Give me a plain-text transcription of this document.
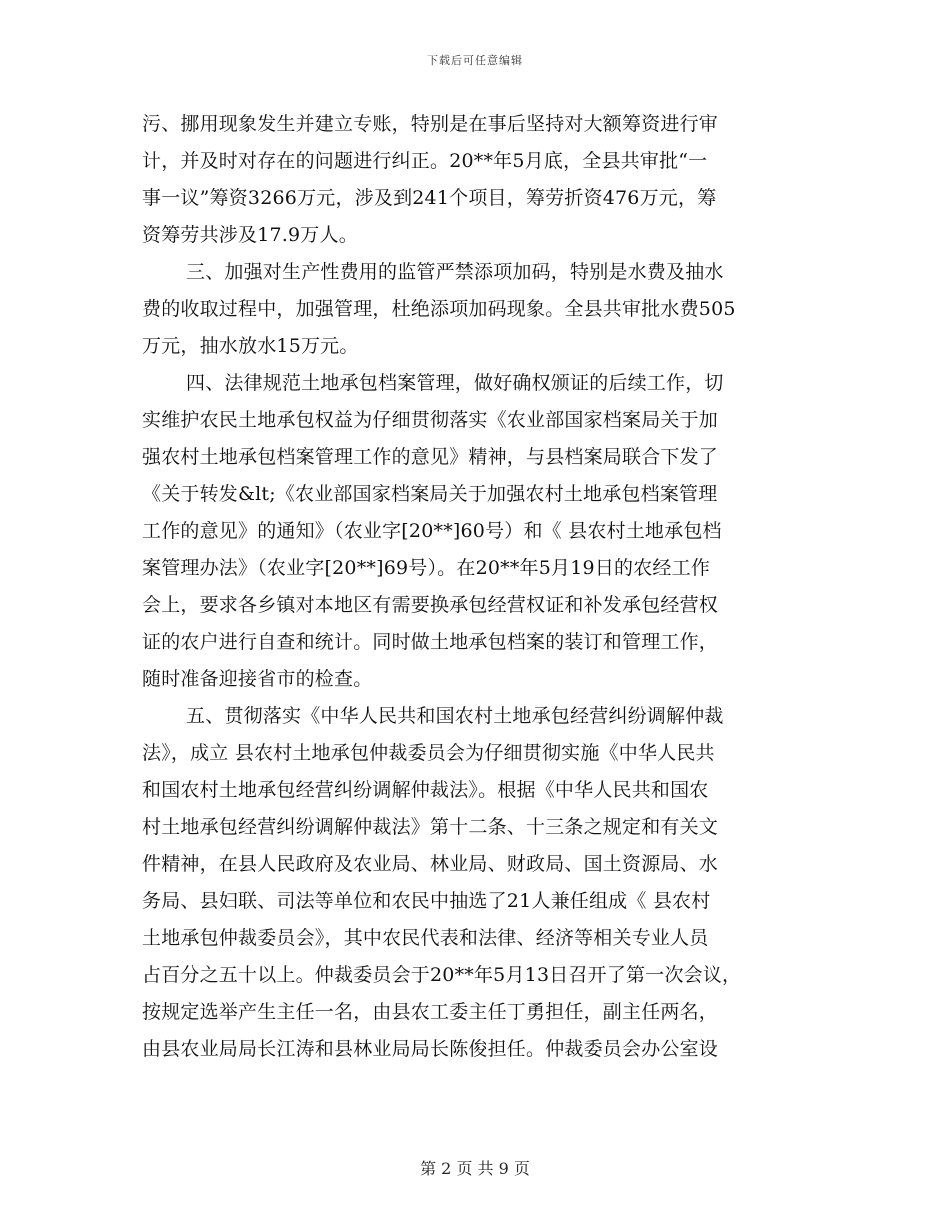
下载后可任意编辑
污、挪用现象发生并建立专账，特别是在事后坚持对大额筹资进行审
计，并及时对存在的问题进行纠正。20**年5月底，全县共审批“一
事一议”筹资3266万元，涉及到241个项目，筹劳折资476万元，筹
资筹劳共涉及17.9万人。
三、加强对生产性费用的监管严禁添项加码，特别是水费及抽水
费的收取过程中，加强管理，杜绝添项加码现象。全县共审批水费505
万元，抽水放水15万元。
四、法律规范土地承包档案管理，做好确权颁证的后续工作，切
实维护农民土地承包权益为仔细贯彻落实《农业部国家档案局关于加
强农村土地承包档案管理工作的意见》精神，与县档案局联合下发了
《关于转发&lt;《农业部国家档案局关于加强农村土地承包档案管理
工作的意见》的通知》（农业字[20**]60号）和《 县农村土地承包档
案管理办法》（农业字[20**]69号）。在20**年5月19日的农经工作
会上，要求各乡镇对本地区有需要换承包经营权证和补发承包经营权
证的农户进行自查和统计。同时做土地承包档案的装订和管理工作，
随时准备迎接省市的检查。
五、贯彻落实《中华人民共和国农村土地承包经营纠纷调解仲裁
法》，成立 县农村土地承包仲裁委员会为仔细贯彻实施《中华人民共
和国农村土地承包经营纠纷调解仲裁法》。根据《中华人民共和国农
村土地承包经营纠纷调解仲裁法》第十二条、十三条之规定和有关文
件精神，在县人民政府及农业局、林业局、财政局、国土资源局、水
务局、县妇联、司法等单位和农民中抽选了21人兼任组成《 县农村
土地承包仲裁委员会》，其中农民代表和法律、经济等相关专业人员
占百分之五十以上。仲裁委员会于20**年5月13日召开了第一次会议，
按规定选举产生主任一名，由县农工委主任丁勇担任，副主任两名，
由县农业局局长江涛和县林业局局长陈俊担任。仲裁委员会办公室设
第 2 页 共 9 页
